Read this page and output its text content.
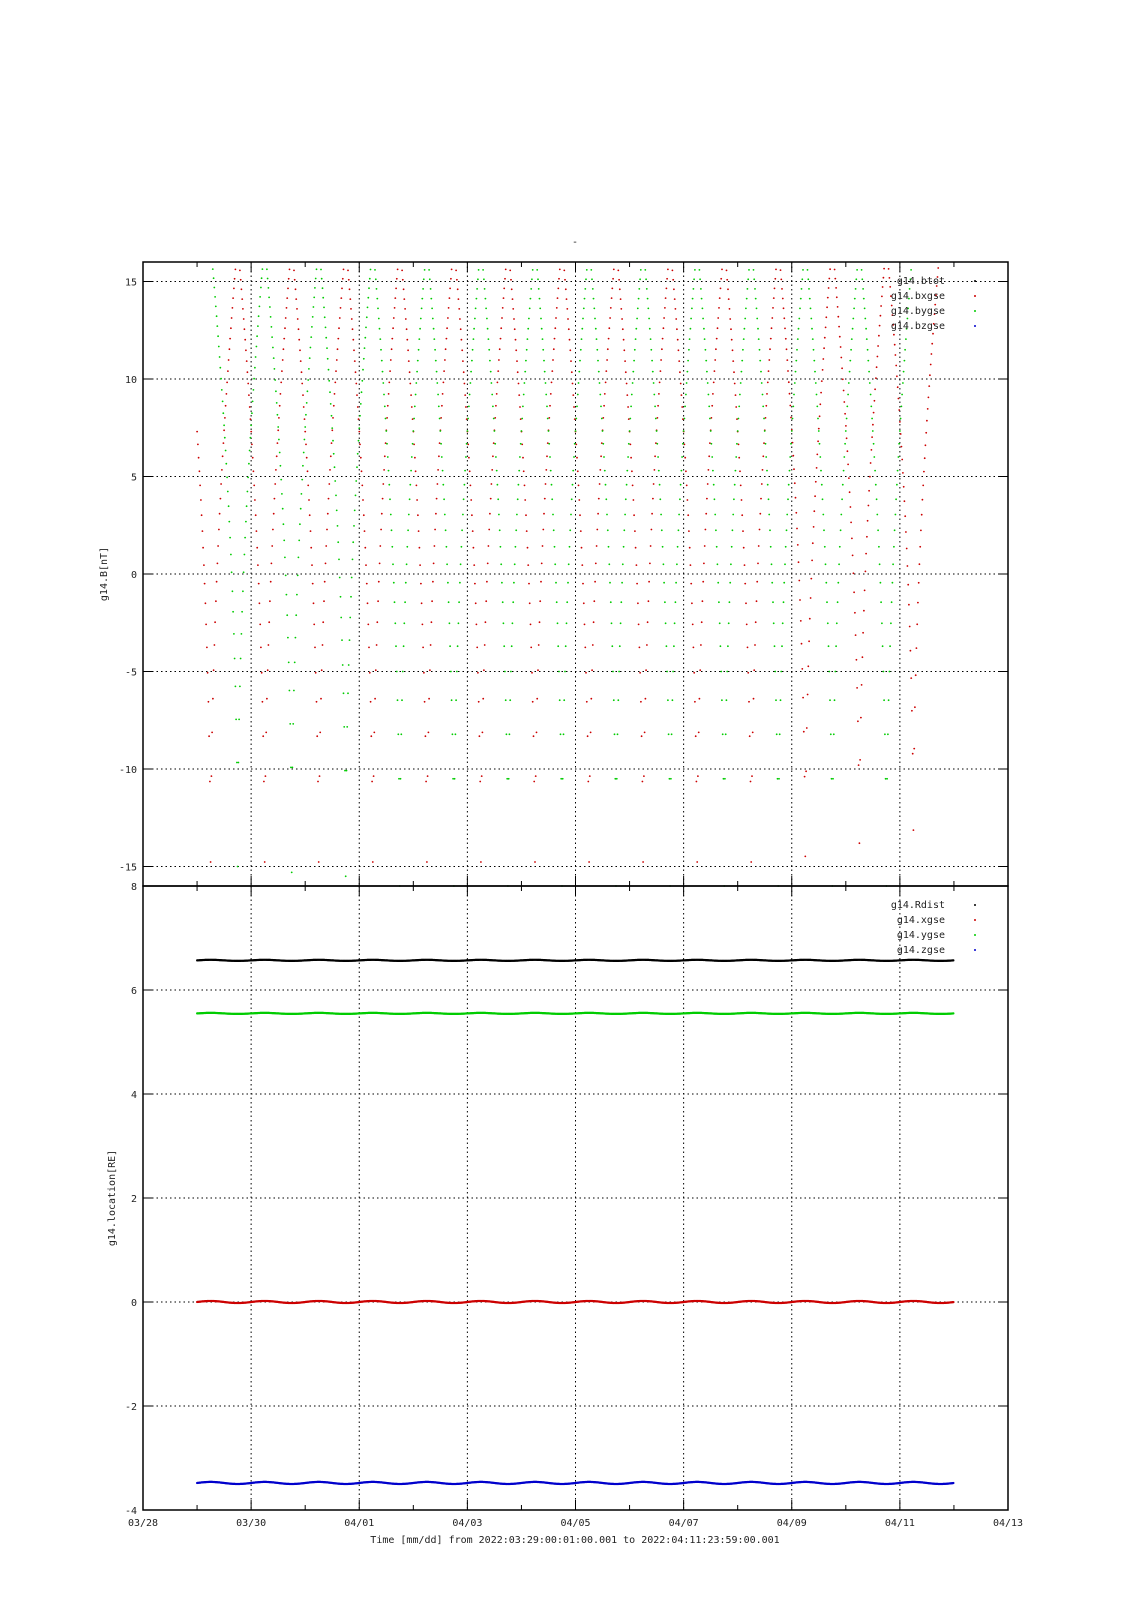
-
-15
-10
-5
0
5
10
15
g14.B[nT]
g14.btot
g14.bxgse
g14.bygse
g14.bzgse
-4
-2
0
2
4
6
8
g14.location[RE]
g14.Rdist
g14.xgse
g14.ygse
g14.zgse
03/28	03/30	04/01	04/03	04/05	04/07	04/09	04/11	04/13
Time [mm/dd] from 2022:03:29:00:01:00.001 to 2022:04:11:23:59:00.001
